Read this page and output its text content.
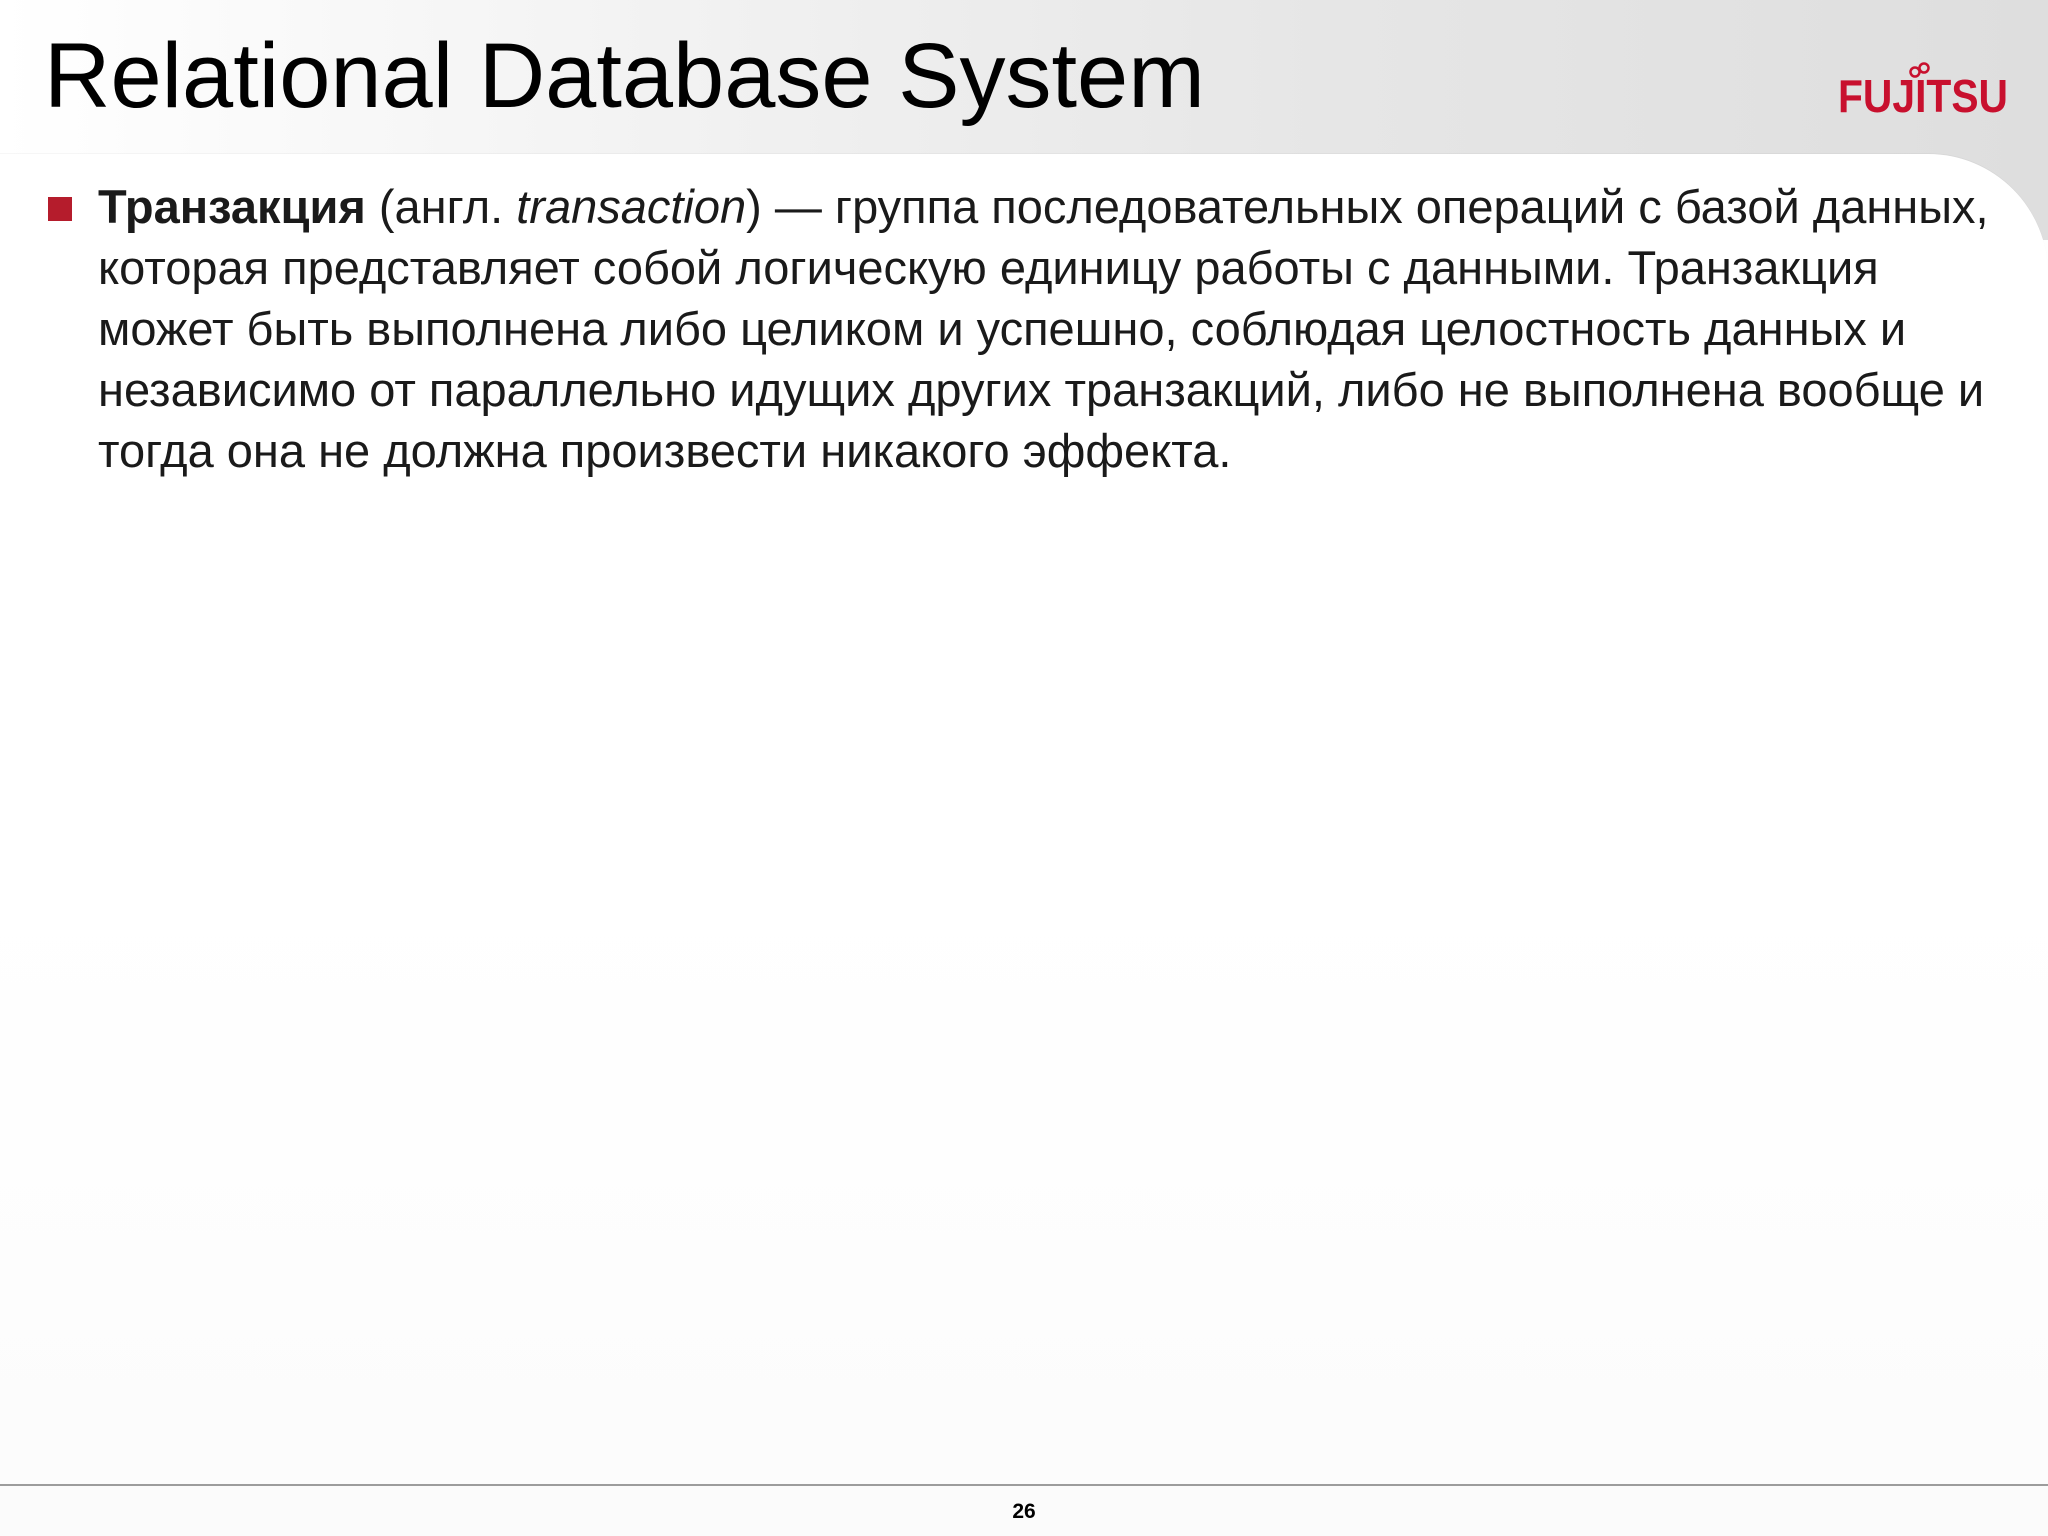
Relational Database System	FUJITSU

Транзакция (англ. transaction) — группа последовательных операций с базой данных, которая представляет собой логическую единицу работы с данными. Транзакция может быть выполнена либо целиком и успешно, соблюдая целостность данных и независимо от параллельно идущих других транзакций, либо не выполнена вообще и тогда она не должна произвести никакого эффекта.

26
